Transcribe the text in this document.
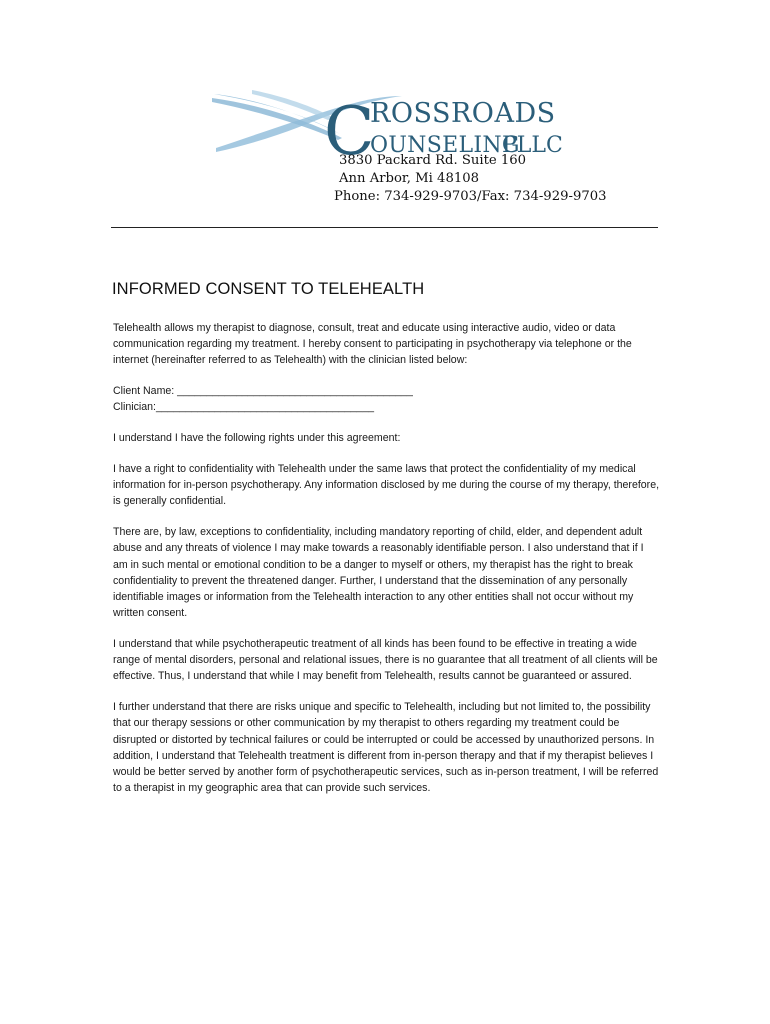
C
ROSSROADS
OUNSELING
PLLC
3830 Packard Rd. Suite 160
Ann Arbor, Mi 48108
Phone: 734-929-9703/Fax: 734-929-9703
INFORMED CONSENT TO TELEHEALTH

Telehealth allows my therapist to diagnose, consult, treat and educate using interactive audio, video or data communication regarding my treatment. I hereby consent to participating in psychotherapy via telephone or the internet (hereinafter referred to as Telehealth) with the clinician listed below:

Client Name: ________________________________________
Clinician:_____________________________________

I understand I have the following rights under this agreement:

I have a right to confidentiality with Telehealth under the same laws that protect the confidentiality of my medical information for in-person psychotherapy. Any information disclosed by me during the course of my therapy, therefore, is generally confidential.

There are, by law, exceptions to confidentiality, including mandatory reporting of child, elder, and dependent adult abuse and any threats of violence I may make towards a reasonably identifiable person. I also understand that if I am in such mental or emotional condition to be a danger to myself or others, my therapist has the right to break confidentiality to prevent the threatened danger. Further, I understand that the dissemination of any personally identifiable images or information from the Telehealth interaction to any other entities shall not occur without my written consent.

I understand that while psychotherapeutic treatment of all kinds has been found to be effective in treating a wide range of mental disorders, personal and relational issues, there is no guarantee that all treatment of all clients will be effective. Thus, I understand that while I may benefit from Telehealth, results cannot be guaranteed or assured.

I further understand that there are risks unique and specific to Telehealth, including but not limited to, the possibility that our therapy sessions or other communication by my therapist to others regarding my treatment could be disrupted or distorted by technical failures or could be interrupted or could be accessed by unauthorized persons. In addition, I understand that Telehealth treatment is different from in-person therapy and that if my therapist believes I would be better served by another form of psychotherapeutic services, such as in-person treatment, I will be referred to a therapist in my geographic area that can provide such services.
